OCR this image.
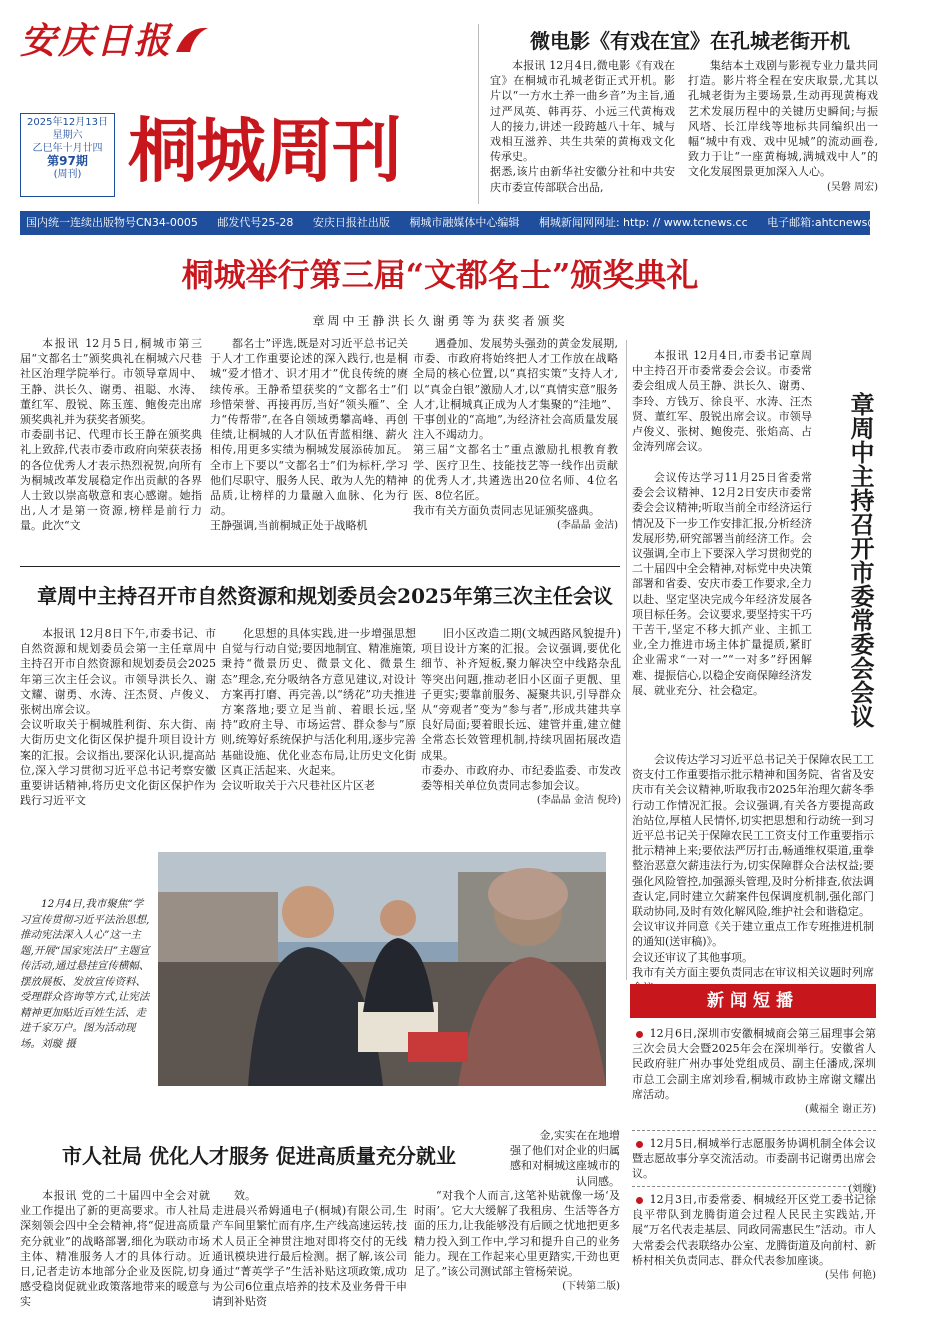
安庆日报
2025年12月13日
星期六
乙巳年十月廿四
第97期
(周刊) 桐城周刊
微电影《有戏在宜》在孔城老街开机

本报讯 12月4日,微电影《有戏在宜》在桐城市孔城老街正式开机。影片以“一方水土养一曲乡音”为主旨,通过严凤英、韩再芬、小远三代黄梅戏人的接力,讲述一段跨越八十年、城与戏相互滋养、共生共荣的黄梅戏文化传承史。
据悉,该片由新华社安徽分社和中共安庆市委宣传部联合出品,

集结本土戏剧与影视专业力量共同打造。影片将全程在安庆取景,尤其以孔城老街为主要场景,生动再现黄梅戏艺术发展历程中的关键历史瞬间;与振风塔、长江岸线等地标共同编织出一幅“城中有戏、戏中见城”的流动画卷,致力于让“一座黄梅城,满城戏中人”的文化发展图景更加深入人心。

(吴磐 周宏)

国内统一连续出版物号CN34-0005 邮发代号25-28 安庆日报社出版 桐城市融媒体中心编辑 桐城新闻网网址: http: // www.tcnews.cc 电子邮箱:ahtcnews@163.com
桐城举行第三届“文都名士”颁奖典礼
章周中王静洪长久谢勇等为获奖者颁奖

本报讯 12月5日,桐城市第三届“文都名士”颁奖典礼在桐城六尺巷社区治理学院举行。市领导章周中、王静、洪长久、谢勇、祖聪、水涛、董红军、殷锐、陈玉莲、鲍俊売出席颁奖典礼并为获奖者颁奖。
市委副书记、代理市长王静在颁奖典礼上致辞,代表市委市政府向荣获表扬的各位优秀人才表示热烈祝贺,向所有为桐城改革发展稳定作出贡献的各界人士致以崇高敬意和衷心感谢。她指出,人才是第一资源,榜样是前行力量。此次“文

都名士”评选,既是对习近平总书记关于人才工作重要论述的深入践行,也是桐城“爱才惜才、识才用才”优良传统的赓续传承。王静希望获奖的“文都名士”们珍惜荣誉、再接再厉,当好“领头雁”、全力“传帮带”,在各自领域勇攀高峰、再创佳绩,让桐城的人才队伍青蓝相继、薪火相传,用更多实绩为桐城发展添砖加瓦。全市上下要以“文都名士”们为标杆,学习他们尽职守、服务人民、敢为人先的精神品质,让榜样的力量融入血脉、化为行动。
王静强调,当前桐城正处于战略机

遇叠加、发展势头强劲的黄金发展期,市委、市政府将始终把人才工作放在战略全局的核心位置,以“真招实策”支持人才,以“真金白银”激励人才,以“真情实意”服务人才,让桐城真正成为人才集聚的“洼地”、干事创业的“高地”,为经济社会高质量发展注入不竭动力。
第三届“文都名士”重点激励扎根教育教学、医疗卫生、技能技艺等一线作出贡献的优秀人才,共遴选出20位名师、4位名医、8位名匠。
我市有关方面负责同志见证颁奖盛典。

(李晶晶 金洁)

本报讯 12月4日,市委书记章周中主持召开市委常委会会议。市委常委会组成人员王静、洪长久、谢勇、李玲、方钱万、徐良平、水涛、汪杰贤、董红军、殷锐出席会议。市领导卢俊义、张树、鲍俊売、张焰高、占金涛列席会议。	章周中主持召开市委常委会会议

会议传达学习11月25日省委常委会会议精神、12月2日安庆市委常委会会议精神;听取当前全市经济运行情况及下一步工作安排汇报,分析经济发展形势,研究部署当前经济工作。会议强调,全市上下要深入学习贯彻党的二十届四中全会精神,对标党中央决策部署和省委、安庆市委工作要求,全力以赴、坚定坚决完成今年经济发展各项目标任务。会议要求,要坚持实干巧干苦干,坚定不移大抓产业、主抓工业,全力推进市场主体扩量提质,紧盯企业需求“一对一”“一对多”纾困解难、提振信心,以稳企安商保障经济发展、就业充分、社会稳定。

会议传达学习习近平总书记关于保障农民工工资支付工作重要指示批示精神和国务院、省省及安庆市有关会议精神,听取我市2025年治理欠薪冬季行动工作情况汇报。会议强调,有关各方要提高政治站位,厚植人民情怀,切实把思想和行动统一到习近平总书记关于保障农民工工资支付工作重要指示批示精神上来;要依法严厉打击,畅通维权渠道,重拳整治恶意欠薪违法行为,切实保障群众合法权益;要强化风险管控,加强源头管理,及时分析排查,依法调查认定,同时建立欠薪案件包保调度机制,强化部门联动协同,及时有效化解风险,维护社会和谐稳定。
会议审议并同意《关于建立重点工作专班推进机制的通知(送审稿)》。
会议还审议了其他事项。
我市有关方面主要负责同志在审议相关议题时列席

章周中主持召开市自然资源和规划委员会2025年第三次主任会议

本报讯 12月8日下午,市委书记、市自然资源和规划委员会第一主任章周中主持召开市自然资源和规划委员会2025年第三次主任会议。市领导洪长久、谢文耀、谢勇、水涛、汪杰贤、卢俊义、张树出席会议。
会议听取关于桐城胜利街、东大街、南大街历史文化街区保护提升项目设计方案的汇报。会议指出,要深化认识,提高站位,深入学习贯彻习近平总书记考察安徽重要讲话精神,将历史文化街区保护作为践行习近平文

化思想的具体实践,进一步增强思想自觉与行动自觉;要因地制宜、精准施策,秉持“微景历史、微景文化、微景生态”理念,充分吸纳各方意见建议,对设计方案再打磨、再完善,以“绣花”功夫推进方案落地;要立足当前、着眼长远,坚持“政府主导、市场运营、群众参与”原则,统筹好系统保护与活化利用,逐步完善基础设施、优化业态布局,让历史文化街区真正活起来、火起来。
会议听取关于六尺巷社区片区老

旧小区改造二期(文城西路风貌提升)项目设计方案的汇报。会议强调,要优化细节、补齐短板,聚力解决空中线路杂乱等突出问题,推动老旧小区面子更靓、里子更实;要靠前服务、凝聚共识,引导群众从“旁观者”变为“参与者”,形成共建共享良好局面;要着眼长远、建管并重,建立健全常态长效管理机制,持续巩固拓展改造成果。
市委办、市政府办、市纪委监委、市发改委等相关单位负责同志参加会议。

(李晶晶 金洁 倪玲)

12月4日,我市聚焦“学习宣传贯彻习近平法治思想,推动宪法深入人心”这一主题,开展“国家宪法日”主题宣传活动,通过悬挂宣传横幅、摆放展板、发放宣传资料、受理群众咨询等方式,让宪法精神更加贴近百姓生活、走进千家万户。图为活动现场。刘璇 摄
市人社局 优化人才服务 促进高质量充分就业

金,实实在在地增强了他们对企业的归属感和对桐城这座城市的认同感。

本报讯 党的二十届四中全会对就业工作提出了新的更高要求。市人社局深刻领会四中全会精神,将“促进高质量充分就业”的战略部署,细化为联动市场主体、精准服务人才的具体行动。近日,记者走访本地部分企业及医院,切身感受稳岗促就业政策落地带来的暖意与实

效。
走进晨兴希姆通电子(桐城)有限公司,生产车间里繁忙而有序,生产线高速运转,技术人员正全神贯注地对即将交付的无线通讯模块进行最后检测。据了解,该公司通过“菁英学子”生活补贴这项政策,成功为公司6位重点培养的技术及业务骨干申请到补贴资

“对我个人而言,这笔补贴就像一场‘及时雨’。它大大缓解了我租房、生活等各方面的压力,让我能够没有后顾之忧地把更多精力投入到工作中,学习和提升自己的业务能力。现在工作起来心里更踏实,干劲也更足了。”该公司测试部主管杨荣说。

(下转第二版)

新闻短播

12月6日,深圳市安徽桐城商会第三届理事会第三次会员大会暨2025年会在深圳举行。安徽省人民政府驻广州办事处党组成员、副主任潘成,深圳市总工会副主席刘珍看,桐城市政协主席谢文耀出席活动。

(戴福全 谢正芳)

12月5日,桐城举行志愿服务协调机制全体会议暨志愿故事分享交流活动。市委副书记谢勇出席会议。

(刘璇)

12月3日,市委常委、桐城经开区党工委书记徐良平带队到龙腾街道会过程人民民主实践站,开展“万名代表走基层、同政同需惠民生”活动。市人大常委会代表联络办公室、龙腾街道及向前村、新桥村相关负责同志、群众代表参加座谈。

(吴伟 何艳)
